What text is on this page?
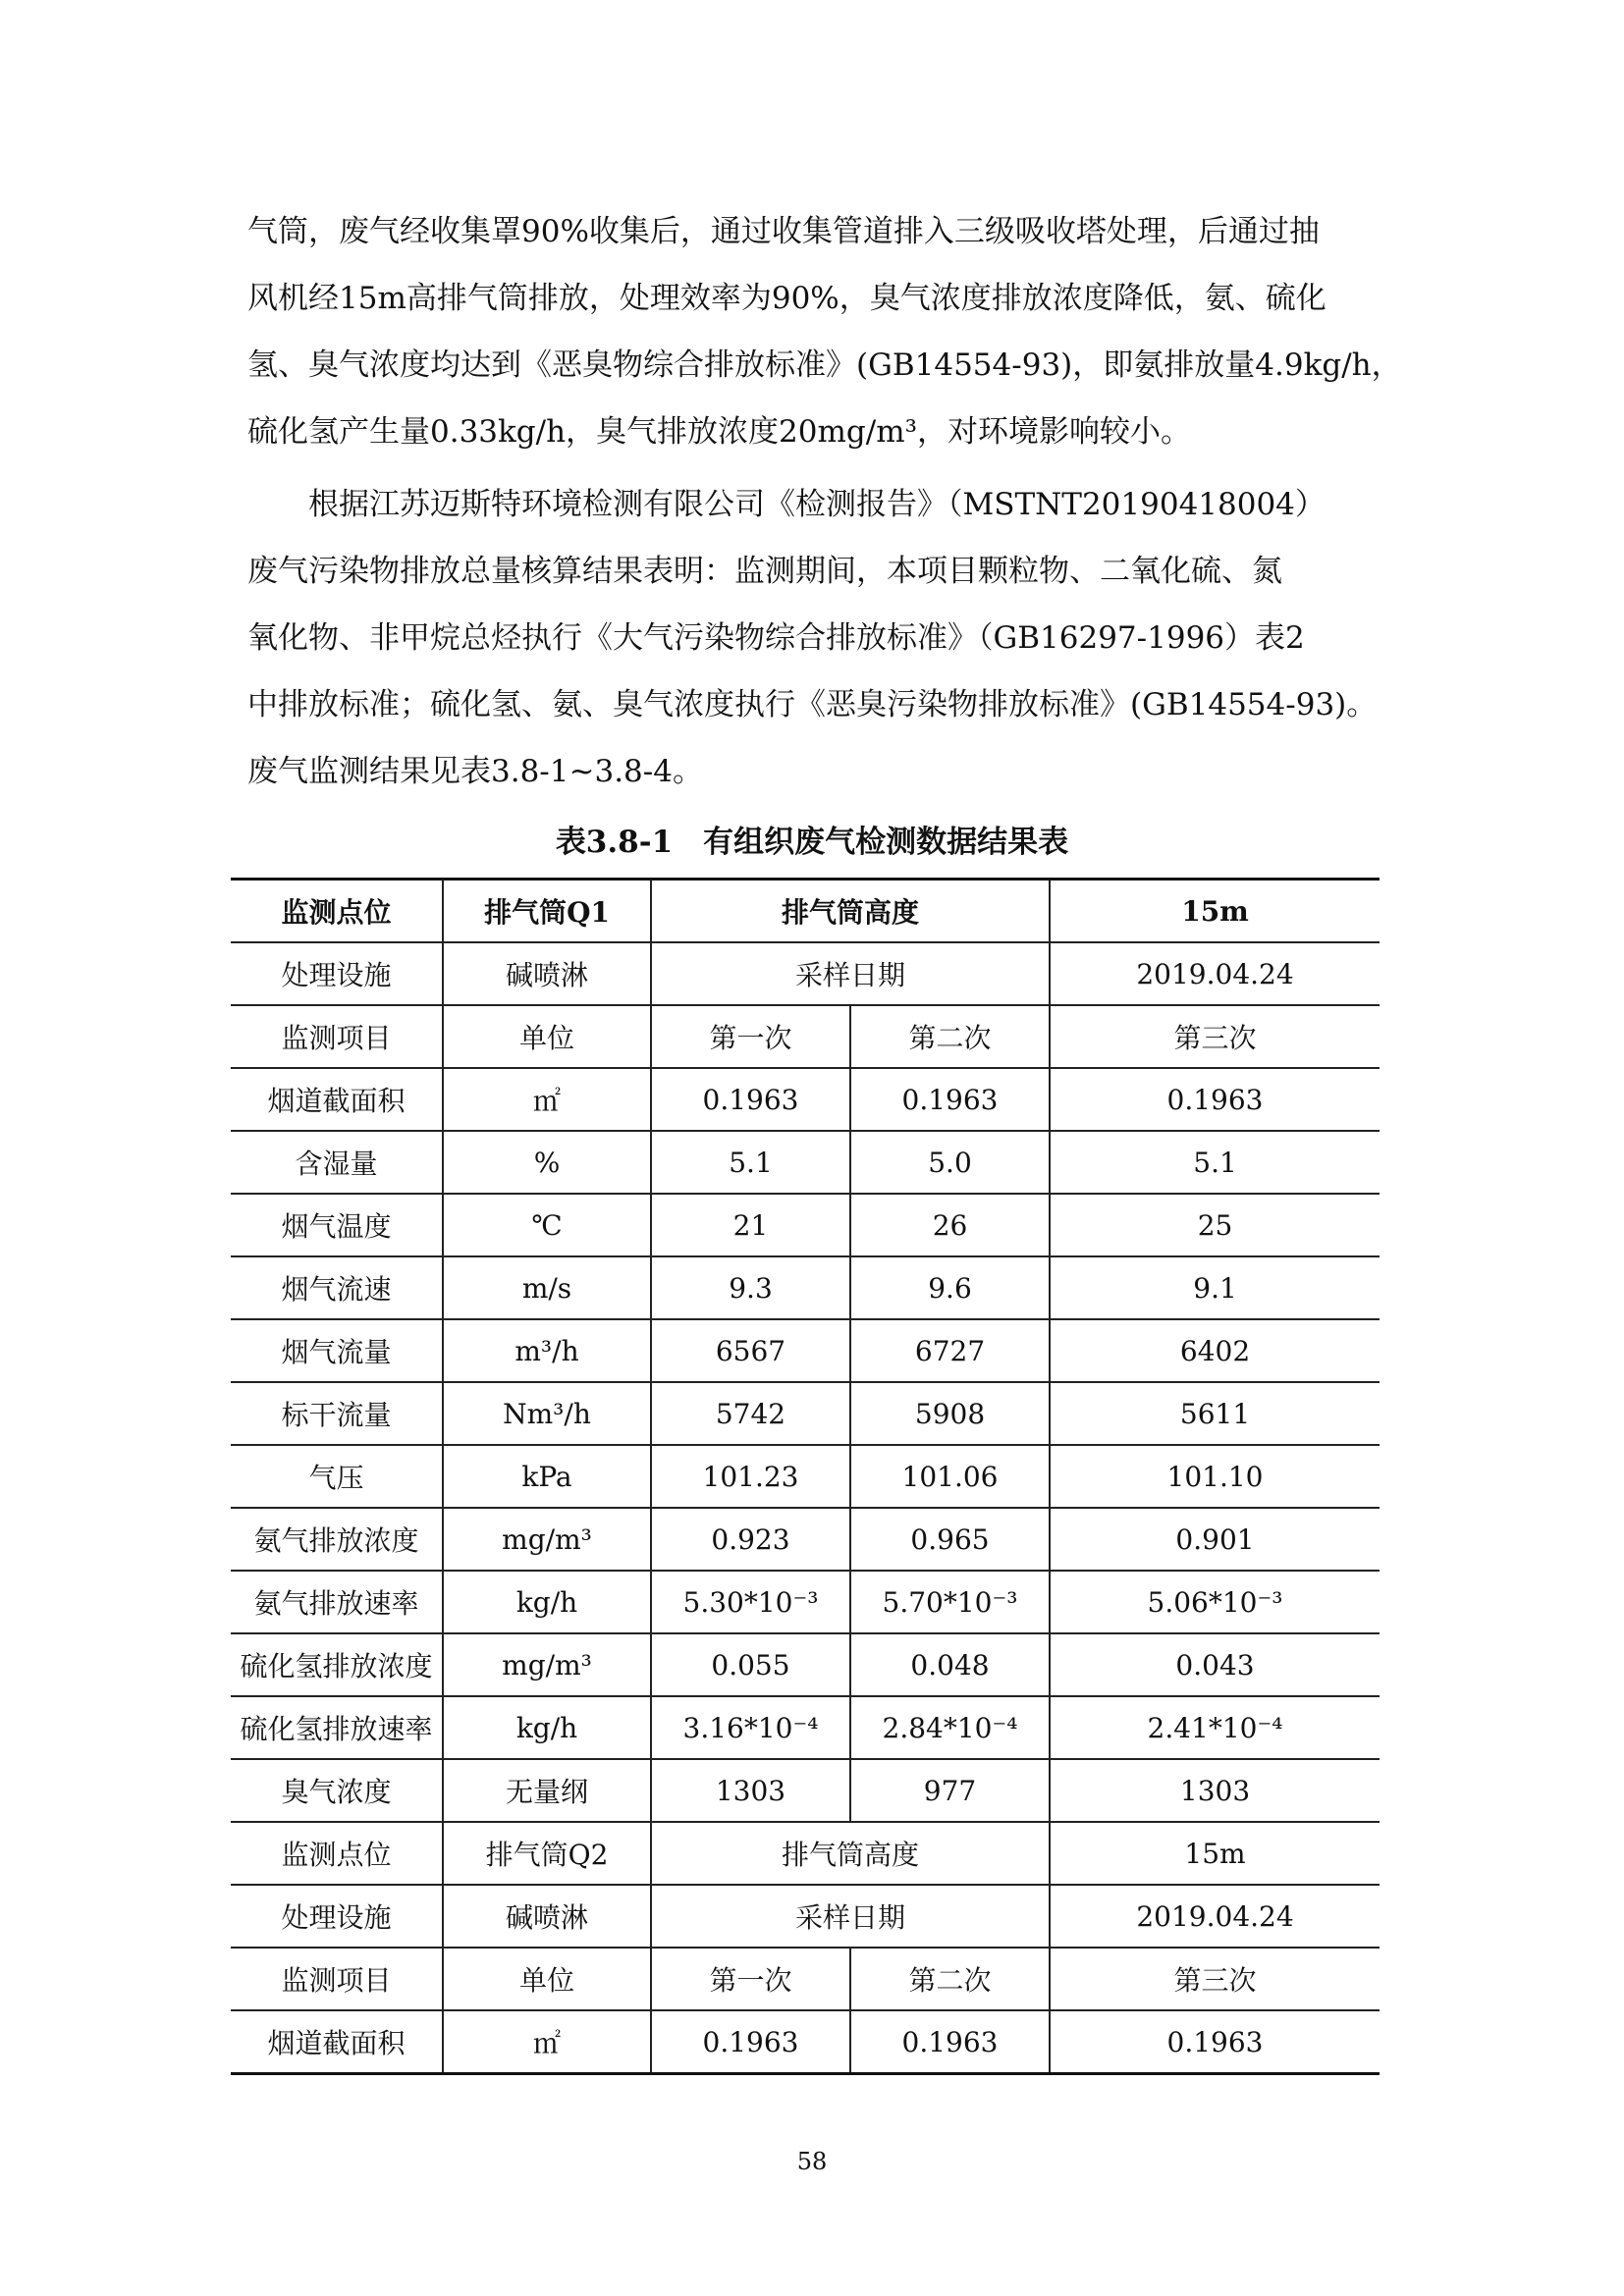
气筒，废气经收集罩90%收集后，通过收集管道排入三级吸收塔处理，后通过抽

风机经15m高排气筒排放，处理效率为90%，臭气浓度排放浓度降低，氨、硫化

氢、臭气浓度均达到《恶臭物综合排放标准》(GB14554-93)，即氨排放量4.9kg/h，

硫化氢产生量0.33kg/h，臭气排放浓度20mg/m³，对环境影响较小。

　　根据江苏迈斯特环境检测有限公司《检测报告》（MSTNT20190418004）

废气污染物排放总量核算结果表明：监测期间，本项目颗粒物、二氧化硫、氮

氧化物、非甲烷总烃执行《大气污染物综合排放标准》（GB16297-1996）表2

中排放标准；硫化氢、氨、臭气浓度执行《恶臭污染物排放标准》(GB14554-93)。

废气监测结果见表3.8-1~3.8-4。

表3.8-1　有组织废气检测数据结果表
监测点位	排气筒Q1	排气筒高度		15m
处理设施	碱喷淋	采样日期		2019.04.24
监测项目	单位	第一次	第二次	第三次
烟道截面积	㎡	0.1963	0.1963	0.1963
含湿量	%	5.1	5.0	5.1
烟气温度	℃	21	26	25
烟气流速	m/s	9.3	9.6	9.1
烟气流量	m³/h	6567	6727	6402
标干流量	Nm³/h	5742	5908	5611
气压	kPa	101.23	101.06	101.10
氨气排放浓度	mg/m³	0.923	0.965	0.901
氨气排放速率	kg/h	5.30*10⁻³	5.70*10⁻³	5.06*10⁻³
硫化氢排放浓度	mg/m³	0.055	0.048	0.043
硫化氢排放速率	kg/h	3.16*10⁻⁴	2.84*10⁻⁴	2.41*10⁻⁴
臭气浓度	无量纲	1303	977	1303
监测点位	排气筒Q2	排气筒高度		15m
处理设施	碱喷淋	采样日期		2019.04.24
监测项目	单位	第一次	第二次	第三次
烟道截面积	㎡	0.1963	0.1963	0.1963
58
